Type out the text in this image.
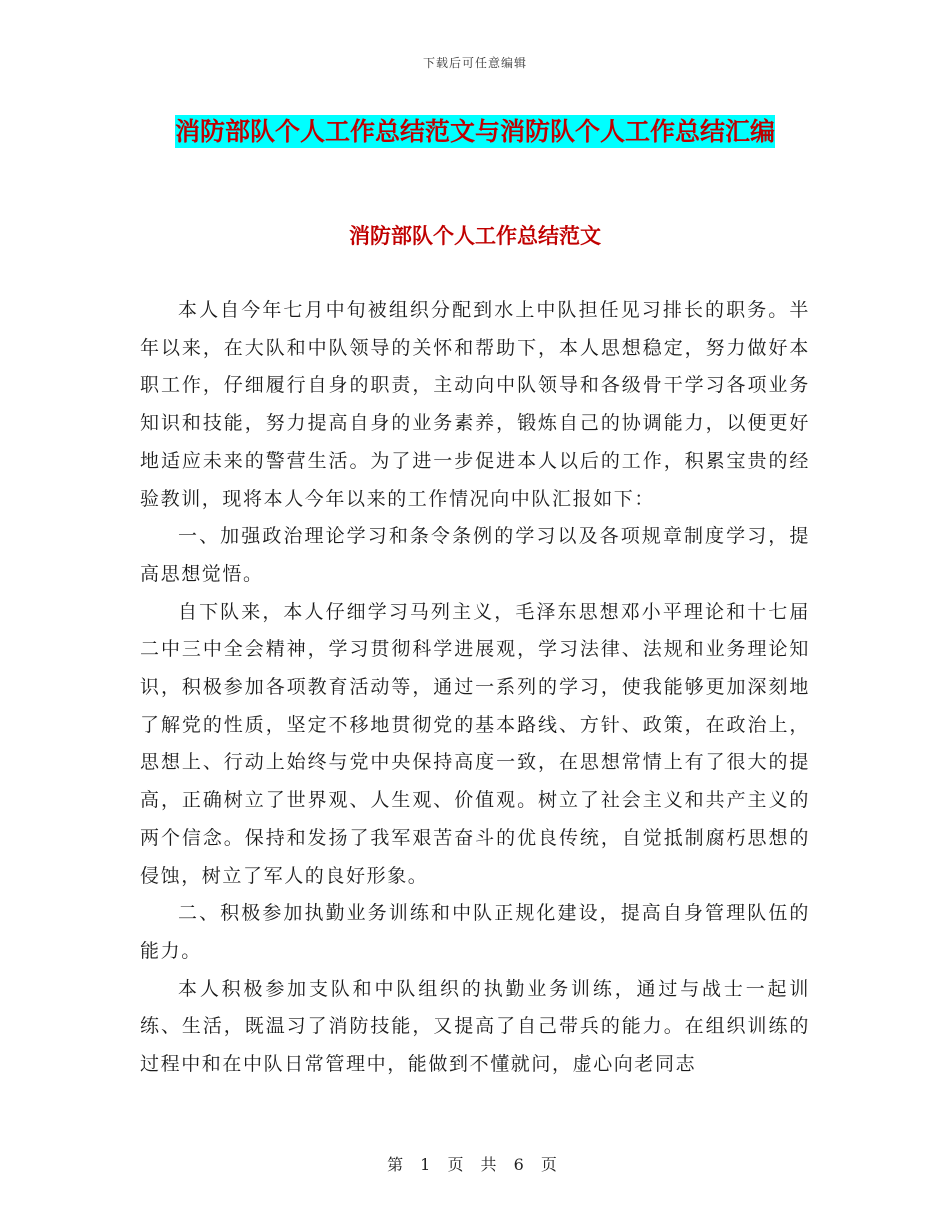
下载后可任意编辑
消防部队个人工作总结范文与消防队个人工作总结汇编
消防部队个人工作总结范文

本人自今年七月中旬被组织分配到水上中队担任见习排长的职务。半年以来，在大队和中队领导的关怀和帮助下，本人思想稳定，努力做好本职工作，仔细履行自身的职责，主动向中队领导和各级骨干学习各项业务知识和技能，努力提高自身的业务素养，锻炼自己的协调能力，以便更好地适应未来的警营生活。为了进一步促进本人以后的工作，积累宝贵的经验教训，现将本人今年以来的工作情况向中队汇报如下：

一、加强政治理论学习和条令条例的学习以及各项规章制度学习，提高思想觉悟。

自下队来，本人仔细学习马列主义，毛泽东思想邓小平理论和十七届二中三中全会精神，学习贯彻科学进展观，学习法律、法规和业务理论知识，积极参加各项教育活动等，通过一系列的学习，使我能够更加深刻地了解党的性质，坚定不移地贯彻党的基本路线、方针、政策，在政治上，思想上、行动上始终与党中央保持高度一致，在思想常情上有了很大的提高，正确树立了世界观、人生观、价值观。树立了社会主义和共产主义的两个信念。保持和发扬了我军艰苦奋斗的优良传统，自觉抵制腐朽思想的侵蚀，树立了军人的良好形象。

二、积极参加执勤业务训练和中队正规化建设，提高自身管理队伍的能力。

本人积极参加支队和中队组织的执勤业务训练，通过与战士一起训练、生活，既温习了消防技能，又提高了自己带兵的能力。在组织训练的过程中和在中队日常管理中，能做到不懂就问，虚心向老同志

第 1 页 共 6 页
